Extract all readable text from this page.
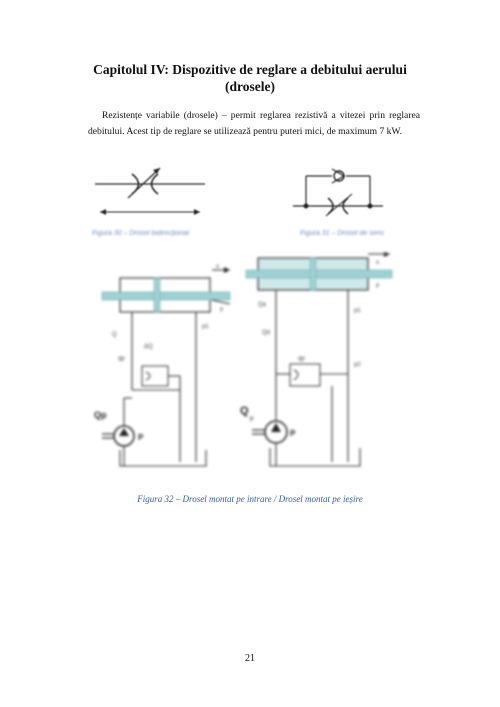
Capitolul IV: Dispozitive de reglare a debitului aerului
(drosele)
Rezistențe variabile (drosele) – permit reglarea rezistivă a vitezei prin reglarea debitului. Acest tip de reglare se utilizează pentru puteri mici, de maximum 7 kW.
Figura 30 – Drosel bidirecțional	Figura 31 – Drosel de sens
Qp
P
x
F
p1
Q
ΔQ
qp
Q
p
P
x
F
Qa
p1
p2
Qd
qp
Figura 32 – Drosel montat pe intrare / Drosel montat pe ieșire
21
